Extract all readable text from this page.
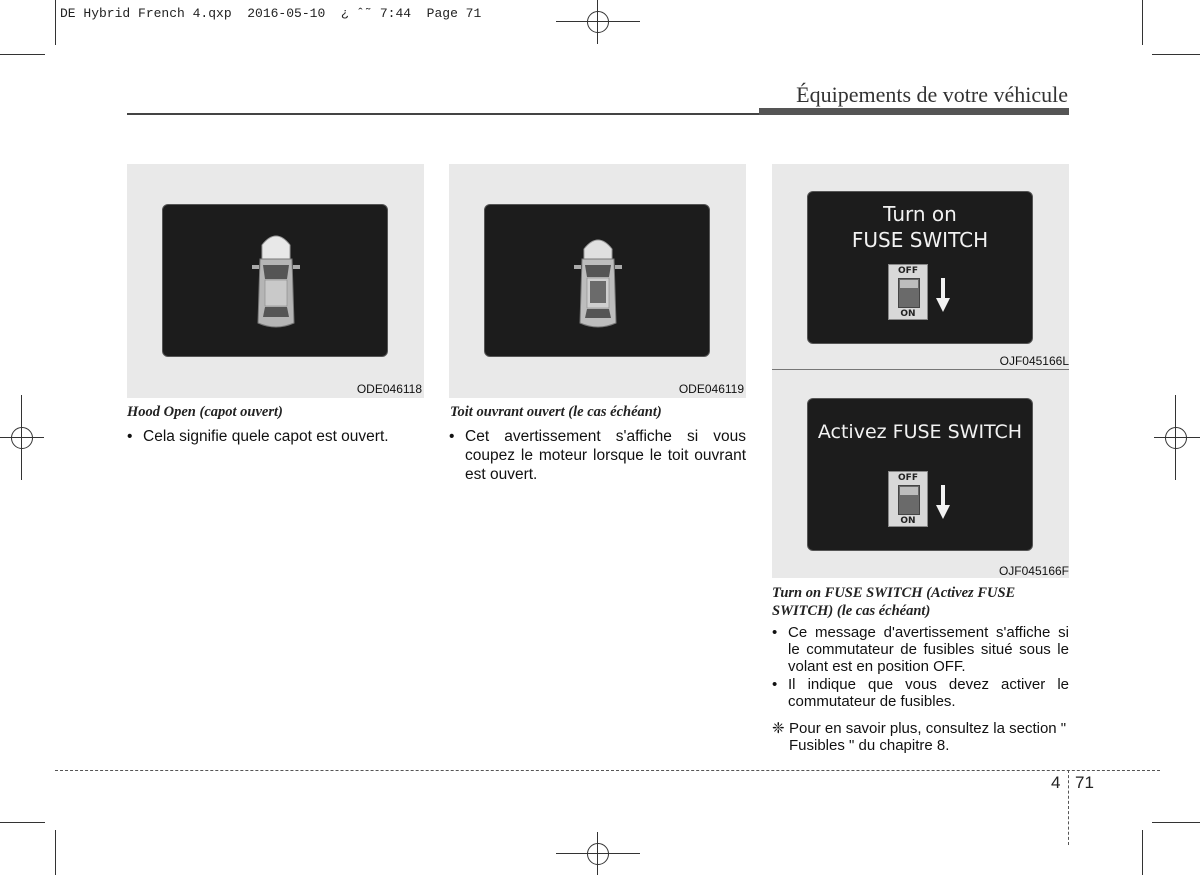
DE Hybrid French 4.qxp  2016-05-10  ¿ ˆ˜ 7:44  Page 71
Équipements de votre véhicule
ODE046118
Hood Open (capot ouvert)
• Cela signifie quele capot est ouvert.
ODE046119
Toit ouvrant ouvert (le cas échéant)
• Cet avertissement s'affiche si vous coupez le moteur lorsque le toit ouvrant est ouvert.
Turn on
FUSE SWITCH
OFF
ON
OJF045166L
Activez FUSE SWITCH
OFF
ON
OJF045166F
Turn on FUSE SWITCH (Activez FUSE SWITCH) (le cas échéant)
• Ce message d'avertissement s'affiche si le commutateur de fusibles situé sous le volant est en position OFF.
• Il indique que vous devez activer le commutateur de fusibles.
❈ Pour en savoir plus, consultez la section " Fusibles " du chapitre 8.
4 71
